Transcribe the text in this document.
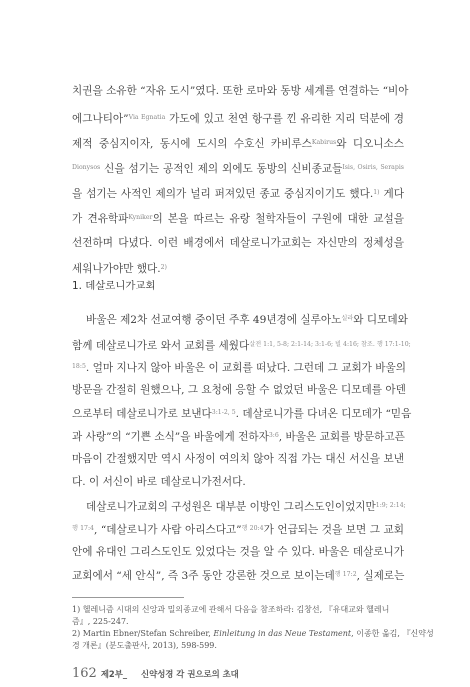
치권을 소유한 “자유 도시”였다. 또한 로마와 동방 세계를 연결하는 “비아
에그나티아”$^{Via Egnatia}$ 가도에 있고 천연 항구를 낀 유리한 지리 덕분에 경
제적 중심지이자, 동시에 도시의 수호신 카비루스$^{Kabirus}$와 디오니소스
$^{Dionysos}$ 신을 섬기는 공적인 제의 외에도 동방의 신비종교들$^{Isis, Osiris, Serapis}$
을 섬기는 사적인 제의가 널리 퍼져있던 종교 중심지이기도 했다.$^{1)}$ 게다
가 견유학파$^{Kyniker}$의 본을 따르는 유랑 철학자들이 구원에 대한 교설을
선전하며 다녔다. 이런 배경에서 데살로니가교회는 자신만의 정체성을
세워나가야만 했다.$^{2)}$
1. 데살로니가교회
바울은 제2차 선교여행 중이던 주후 49년경에 실루아노$^{실라}$와 디모데와
함께 데살로니가로 와서 교회를 세웠다$^{살전 1:1, 5-8; 2:1-14; 3:1-6; 빌 4:16; 참조. 행 17:1-10;}$
$^{18:5}$. 얼마 지나지 않아 바울은 이 교회를 떠났다. 그런데 그 교회가 바울의
방문을 간절히 원했으나, 그 요청에 응할 수 없었던 바울은 디모데를 아덴
으로부터 데살로니가로 보낸다$^{3:1-2, 5}$. 데살로니가를 다녀온 디모데가 “믿음
과 사랑”의 “기쁜 소식”을 바울에게 전하자$^{3:6}$, 바울은 교회를 방문하고픈
마음이 간절했지만 역시 사정이 여의치 않아 직접 가는 대신 서신을 보낸
다. 이 서신이 바로 데살로니가전서다.
데살로니가교회의 구성원은 대부분 이방인 그리스도인이었지만$^{1:9; 2:14;}$
$^{행 17:4}$, “데살로니가 사람 아리스다고”$^{행 20:4}$가 언급되는 것을 보면 그 교회
안에 유대인 그리스도인도 있었다는 것을 알 수 있다. 바울은 데살로니가
교회에서 “세 안식”, 즉 3주 동안 강론한 것으로 보이는데$^{행 17:2}$, 실제로는
1) 헬레니즘 시대의 신앙과 밀의종교에 관해서 다음을 참조하라: 김창선, 『유대교와 헬레니
즘』, 225-247.
2) Martin Ebner/Stefan Schreiber, Einleitung in das Neue Testament, 이종한 옮김, 『신약성
경 개론』(분도출판사, 2013), 598-599.
162 제2부_ 신약성경 각 권으로의 초대
